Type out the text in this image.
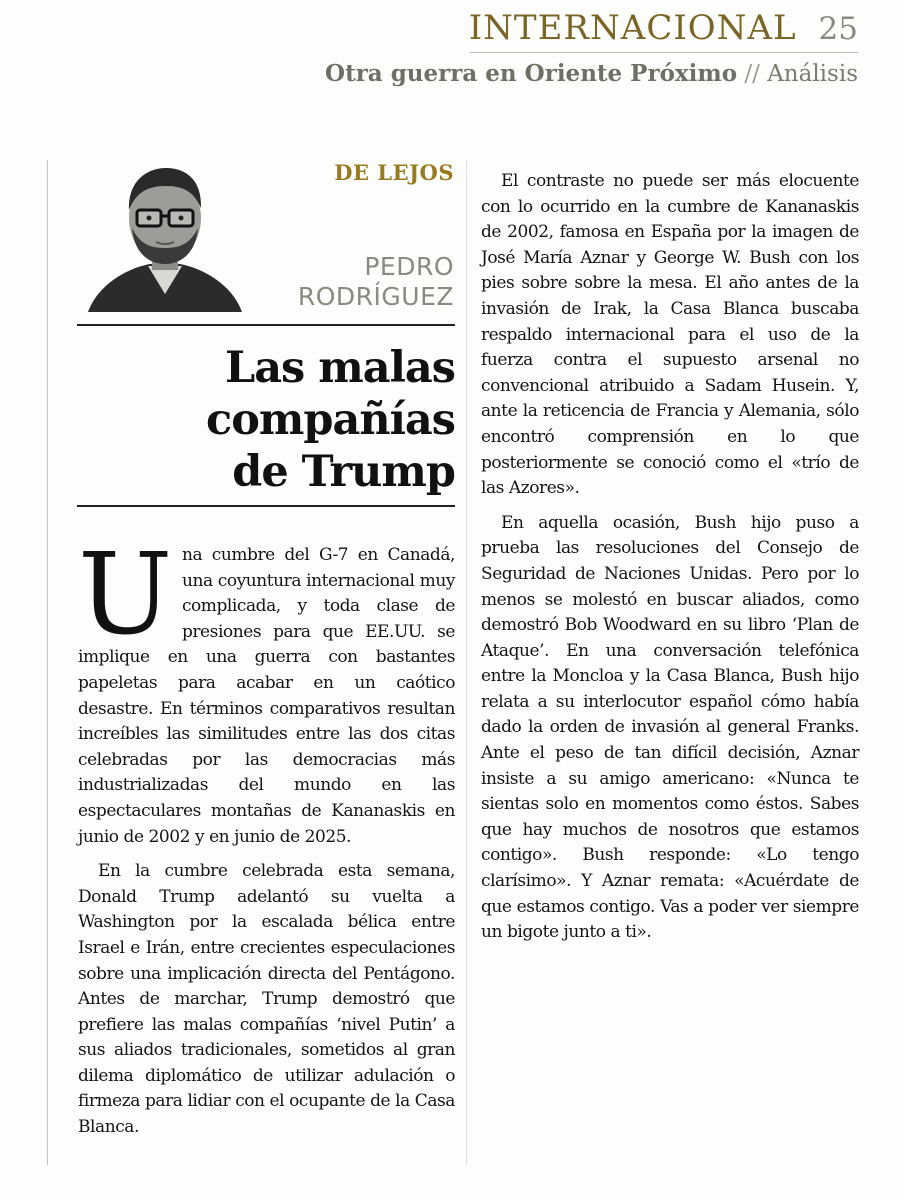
INTERNACIONAL 25
Otra guerra en Oriente Próximo // Análisis
DE LEJOS
PEDRO
RODRÍGUEZ
Las malas
compañías
de Trump

Una cumbre del G-7 en Canadá, una coyuntura internacional muy complicada, y toda clase de presiones para que EE.UU. se implique en una guerra con bastantes papeletas para acabar en un caótico desastre. En términos comparativos resultan increíbles las similitudes entre las dos citas celebradas por las democracias más industrializadas del mundo en las espectaculares montañas de Kananaskis en junio de 2002 y en junio de 2025.

En la cumbre celebrada esta semana, Donald Trump adelantó su vuelta a Washington por la escalada bélica entre Israel e Irán, entre crecientes especulaciones sobre una implicación directa del Pentágono. Antes de marchar, Trump demostró que prefiere las malas compañías ‘nivel Putin’ a sus aliados tradicionales, sometidos al gran dilema diplomático de utilizar adulación o firmeza para lidiar con el ocupante de la Casa Blanca.

El contraste no puede ser más elocuente con lo ocurrido en la cumbre de Kananaskis de 2002, famosa en España por la imagen de José María Aznar y George W. Bush con los pies sobre sobre la mesa. El año antes de la invasión de Irak, la Casa Blanca buscaba respaldo internacional para el uso de la fuerza contra el supuesto arsenal no convencional atribuido a Sadam Husein. Y, ante la reticencia de Francia y Alemania, sólo encontró comprensión en lo que posteriormente se conoció como el «trío de las Azores».

En aquella ocasión, Bush hijo puso a prueba las resoluciones del Consejo de Seguridad de Naciones Unidas. Pero por lo menos se molestó en buscar aliados, como demostró Bob Woodward en su libro ‘Plan de Ataque’. En una conversación telefónica entre la Moncloa y la Casa Blanca, Bush hijo relata a su interlocutor español cómo había dado la orden de invasión al general Franks. Ante el peso de tan difícil decisión, Aznar insiste a su amigo americano: «Nunca te sientas solo en momentos como éstos. Sabes que hay muchos de nosotros que estamos contigo». Bush responde: «Lo tengo clarísimo». Y Aznar remata: «Acuérdate de que estamos contigo. Vas a poder ver siempre un bigote junto a ti».
